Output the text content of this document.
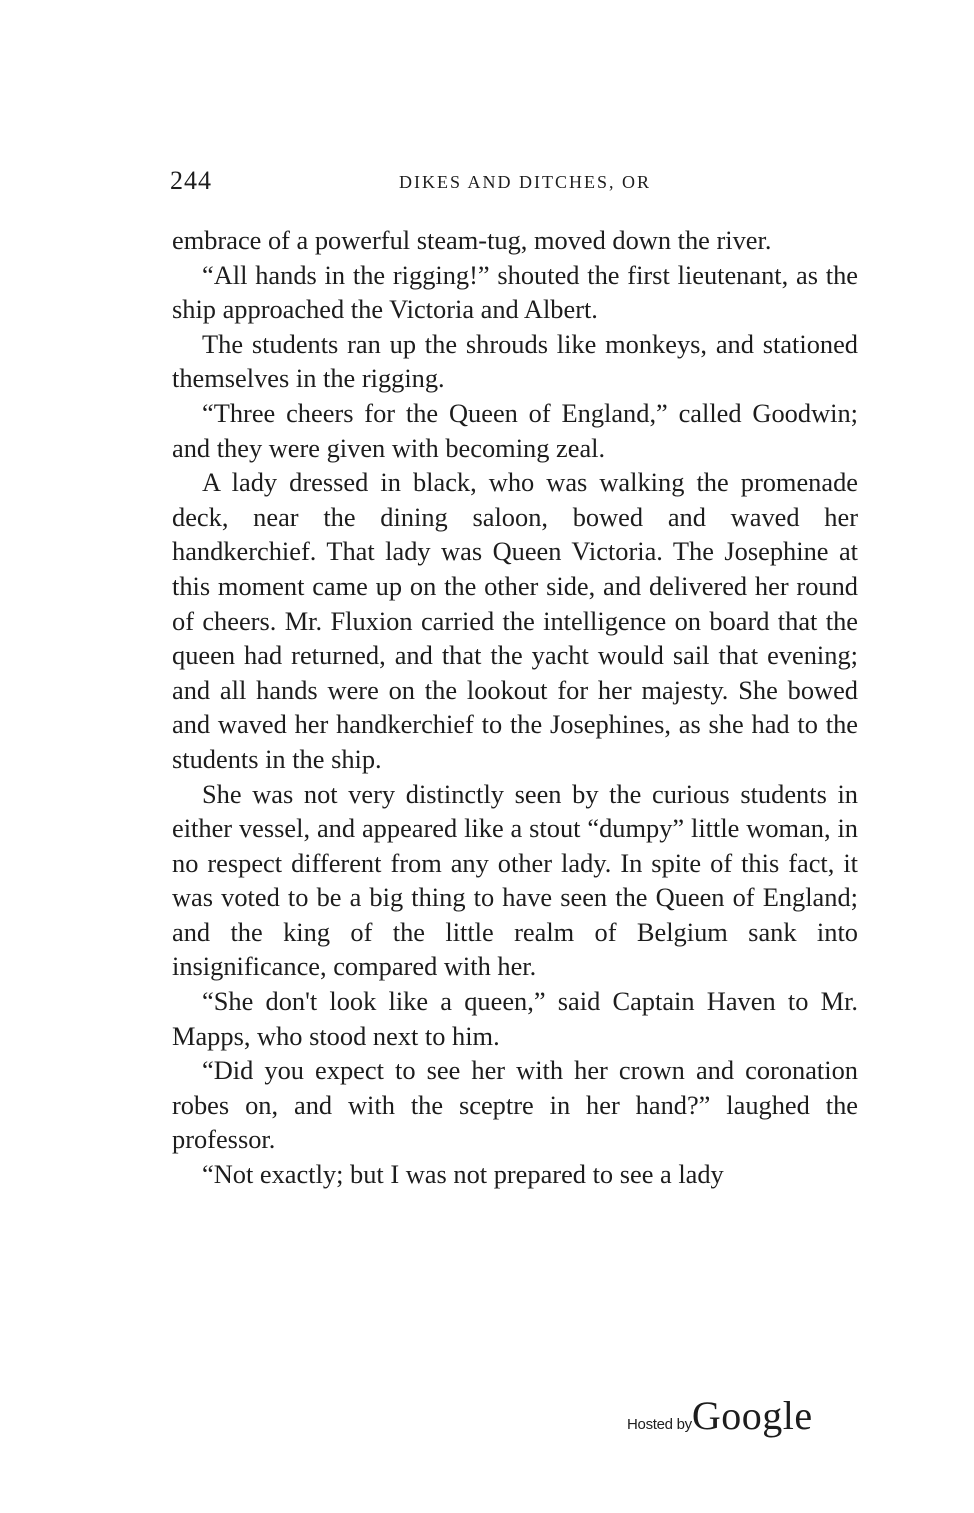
244	DIKES AND DITCHES, OR

embrace of a powerful steam-tug, moved down the river.

“All hands in the rigging!” shouted the first lieutenant, as the ship approached the Victoria and Albert.

The students ran up the shrouds like monkeys, and stationed themselves in the rigging.

“Three cheers for the Queen of England,” called Goodwin; and they were given with becoming zeal.

A lady dressed in black, who was walking the promenade deck, near the dining saloon, bowed and waved her handkerchief. That lady was Queen Victoria. The Josephine at this moment came up on the other side, and delivered her round of cheers. Mr. Fluxion carried the intelligence on board that the queen had returned, and that the yacht would sail that evening; and all hands were on the lookout for her majesty. She bowed and waved her handkerchief to the Josephines, as she had to the students in the ship.

She was not very distinctly seen by the curious students in either vessel, and appeared like a stout “dumpy” little woman, in no respect different from any other lady. In spite of this fact, it was voted to be a big thing to have seen the Queen of England; and the king of the little realm of Belgium sank into insignificance, compared with her.

“She don't look like a queen,” said Captain Haven to Mr. Mapps, who stood next to him.

“Did you expect to see her with her crown and coronation robes on, and with the sceptre in her hand?” laughed the professor.

“Not exactly; but I was not prepared to see a lady

Hosted byGoogle
